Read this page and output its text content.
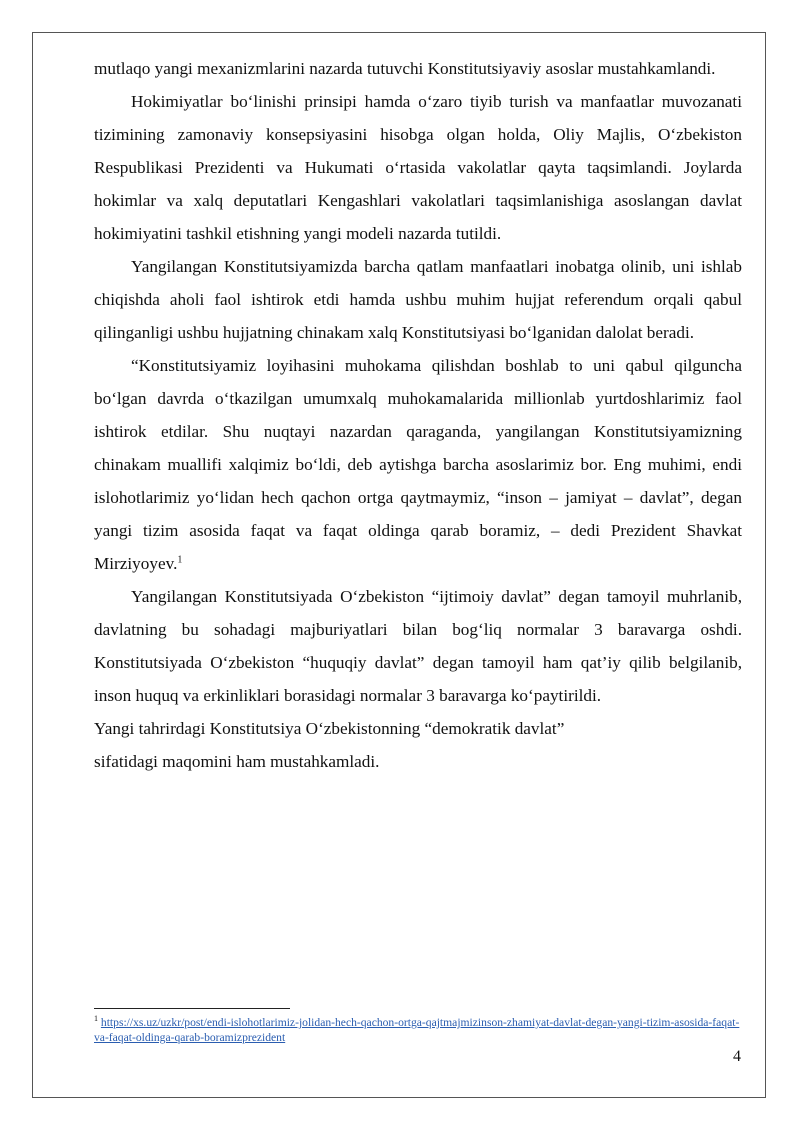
mutlaqo yangi mexanizmlarini nazarda tutuvchi Konstitutsiyaviy asoslar mustahkamlandi.

Hokimiyatlar bo‘linishi prinsipi hamda o‘zaro tiyib turish va manfaatlar muvozanati tizimining zamonaviy konsepsiyasini hisobga olgan holda, Oliy Majlis, O‘zbekiston Respublikasi Prezidenti va Hukumati o‘rtasida vakolatlar qayta taqsimlandi. Joylarda hokimlar va xalq deputatlari Kengashlari vakolatlari taqsimlanishiga asoslangan davlat hokimiyatini tashkil etishning yangi modeli nazarda tutildi.

Yangilangan Konstitutsiyamizda barcha qatlam manfaatlari inobatga olinib, uni ishlab chiqishda aholi faol ishtirok etdi hamda ushbu muhim hujjat referendum orqali qabul qilinganligi ushbu hujjatning chinakam xalq Konstitutsiyasi bo‘lganidan dalolat beradi.

“Konstitutsiyamiz loyihasini muhokama qilishdan boshlab to uni qabul qilguncha bo‘lgan davrda o‘tkazilgan umumxalq muhokamalarida millionlab yurtdoshlarimiz faol ishtirok etdilar. Shu nuqtayi nazardan qaraganda, yangilangan Konstitutsiyamizning chinakam muallifi xalqimiz bo‘ldi, deb aytishga barcha asoslarimiz bor. Eng muhimi, endi islohotlarimiz yo‘lidan hech qachon ortga qaytmaymiz, “inson – jamiyat – davlat”, degan yangi tizim asosida faqat va faqat oldinga qarab boramiz, – dedi Prezident Shavkat Mirziyoyev.$^1$

Yangilangan Konstitutsiyada O‘zbekiston “ijtimoiy davlat” degan tamoyil muhrlanib, davlatning bu sohadagi majburiyatlari bilan bog‘liq normalar 3 baravarga oshdi. Konstitutsiyada O‘zbekiston “huquqiy davlat” degan tamoyil ham qat’iy qilib belgilanib, inson huquq va erkinliklari borasidagi normalar 3 baravarga ko‘paytirildi.

Yangi tahrirdagi Konstitutsiya O‘zbekistonning “demokratik davlat”
sifatidagi maqomini ham mustahkamladi.

$^1$ https://xs.uz/uzkr/post/endi-islohotlarimiz-jolidan-hech-qachon-ortga-qajtmajmizinson-zhamiyat-davlat-degan-yangi-tizim-asosida-faqat-va-faqat-oldinga-qarab-boramizprezident
4
